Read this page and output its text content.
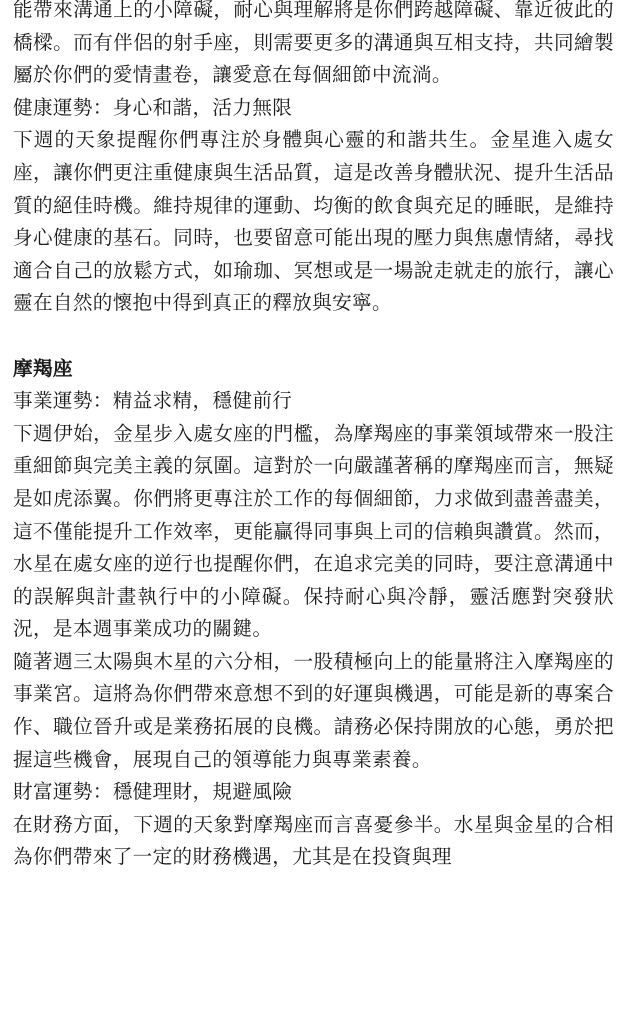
能帶來溝通上的小障礙，耐心與理解將是你們跨越障礙、靠近彼此的橋樑。而有伴侶的射手座，則需要更多的溝通與互相支持，共同繪製屬於你們的愛情畫卷，讓愛意在每個細節中流淌。

健康運勢：身心和諧，活力無限

下週的天象提醒你們專注於身體與心靈的和諧共生。金星進入處女座，讓你們更注重健康與生活品質，這是改善身體狀況、提升生活品質的絕佳時機。維持規律的運動、均衡的飲食與充足的睡眠，是維持身心健康的基石。同時，也要留意可能出現的壓力與焦慮情緒，尋找適合自己的放鬆方式，如瑜珈、冥想或是一場說走就走的旅行，讓心靈在自然的懷抱中得到真正的釋放與安寧。

摩羯座

事業運勢：精益求精，穩健前行

下週伊始，金星步入處女座的門檻，為摩羯座的事業領域帶來一股注重細節與完美主義的氛圍。這對於一向嚴謹著稱的摩羯座而言，無疑是如虎添翼。你們將更專注於工作的每個細節，力求做到盡善盡美，這不僅能提升工作效率，更能贏得同事與上司的信賴與讚賞。然而，水星在處女座的逆行也提醒你們，在追求完美的同時，要注意溝通中的誤解與計畫執行中的小障礙。保持耐心與冷靜，靈活應對突發狀況，是本週事業成功的關鍵。

隨著週三太陽與木星的六分相，一股積極向上的能量將注入摩羯座的事業宮。這將為你們帶來意想不到的好運與機遇，可能是新的專案合作、職位晉升或是業務拓展的良機。請務必保持開放的心態，勇於把握這些機會，展現自己的領導能力與專業素養。

財富運勢：穩健理財，規避風險

在財務方面，下週的天象對摩羯座而言喜憂參半。水星與金星的合相為你們帶來了一定的財務機遇，尤其是在投資與理
